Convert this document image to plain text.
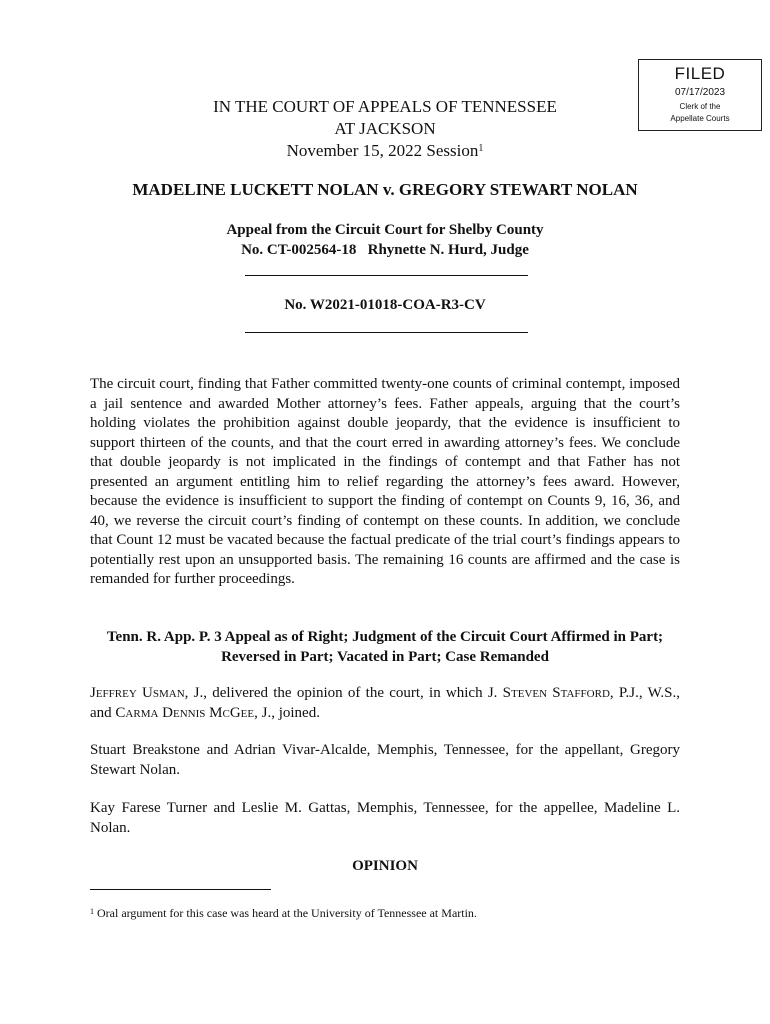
FILED
07/17/2023
Clerk of the
Appellate Courts
IN THE COURT OF APPEALS OF TENNESSEE
AT JACKSON
November 15, 2022 Session$^1$
MADELINE LUCKETT NOLAN v. GREGORY STEWART NOLAN
Appeal from the Circuit Court for Shelby County
No. CT-002564-18   Rhynette N. Hurd, Judge
No. W2021-01018-COA-R3-CV
The circuit court, finding that Father committed twenty-one counts of criminal contempt, imposed a jail sentence and awarded Mother attorney’s fees. Father appeals, arguing that the court’s holding violates the prohibition against double jeopardy, that the evidence is insufficient to support thirteen of the counts, and that the court erred in awarding attorney’s fees. We conclude that double jeopardy is not implicated in the findings of contempt and that Father has not presented an argument entitling him to relief regarding the attorney’s fees award. However, because the evidence is insufficient to support the finding of contempt on Counts 9, 16, 36, and 40, we reverse the circuit court’s finding of contempt on these counts. In addition, we conclude that Count 12 must be vacated because the factual predicate of the trial court’s findings appears to potentially rest upon an unsupported basis. The remaining 16 counts are affirmed and the case is remanded for further proceedings.
Tenn. R. App. P. 3 Appeal as of Right; Judgment of the Circuit Court Affirmed in Part; Reversed in Part; Vacated in Part; Case Remanded
Jeffrey Usman, J., delivered the opinion of the court, in which J. Steven Stafford, P.J., W.S., and Carma Dennis McGee, J., joined.
Stuart Breakstone and Adrian Vivar-Alcalde, Memphis, Tennessee, for the appellant, Gregory Stewart Nolan.
Kay Farese Turner and Leslie M. Gattas, Memphis, Tennessee, for the appellee, Madeline L. Nolan.
OPINION
$^1$ Oral argument for this case was heard at the University of Tennessee at Martin.
